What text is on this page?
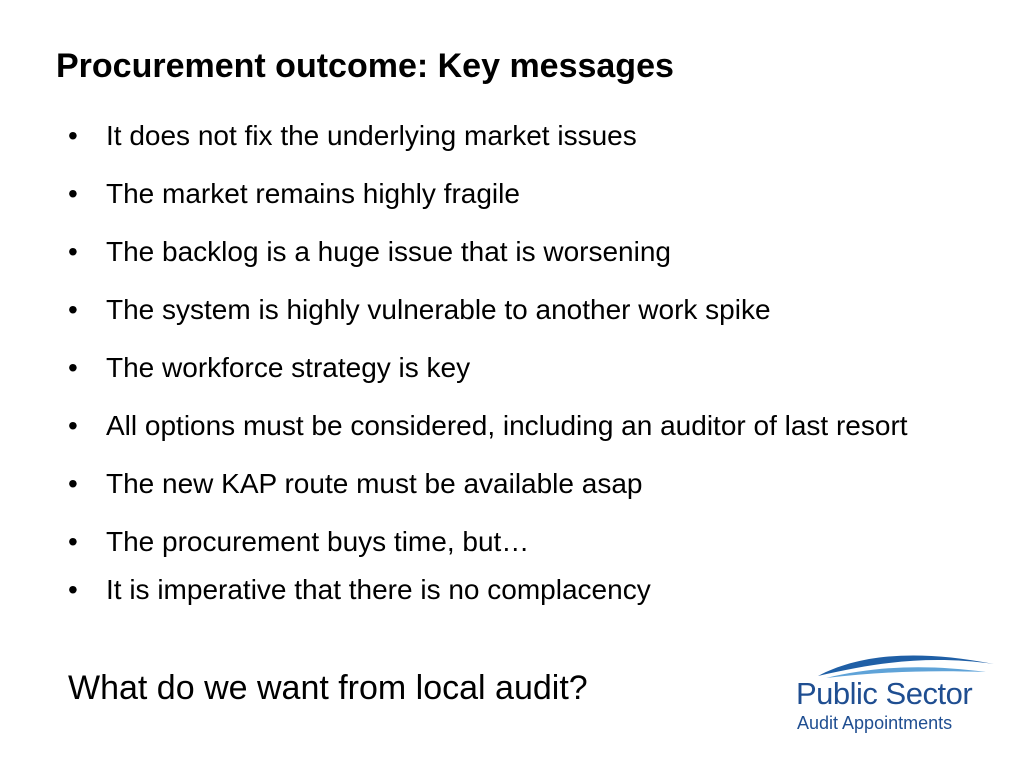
Procurement outcome: Key messages
• It does not fix the underlying market issues
• The market remains highly fragile
• The backlog is a huge issue that is worsening
• The system is highly vulnerable to another work spike
• The workforce strategy is key
• All options must be considered, including an auditor of last resort
• The new KAP route must be available asap
• The procurement buys time, but…
• It is imperative that there is no complacency
What do we want from local audit?	Public Sector
Audit Appointments
